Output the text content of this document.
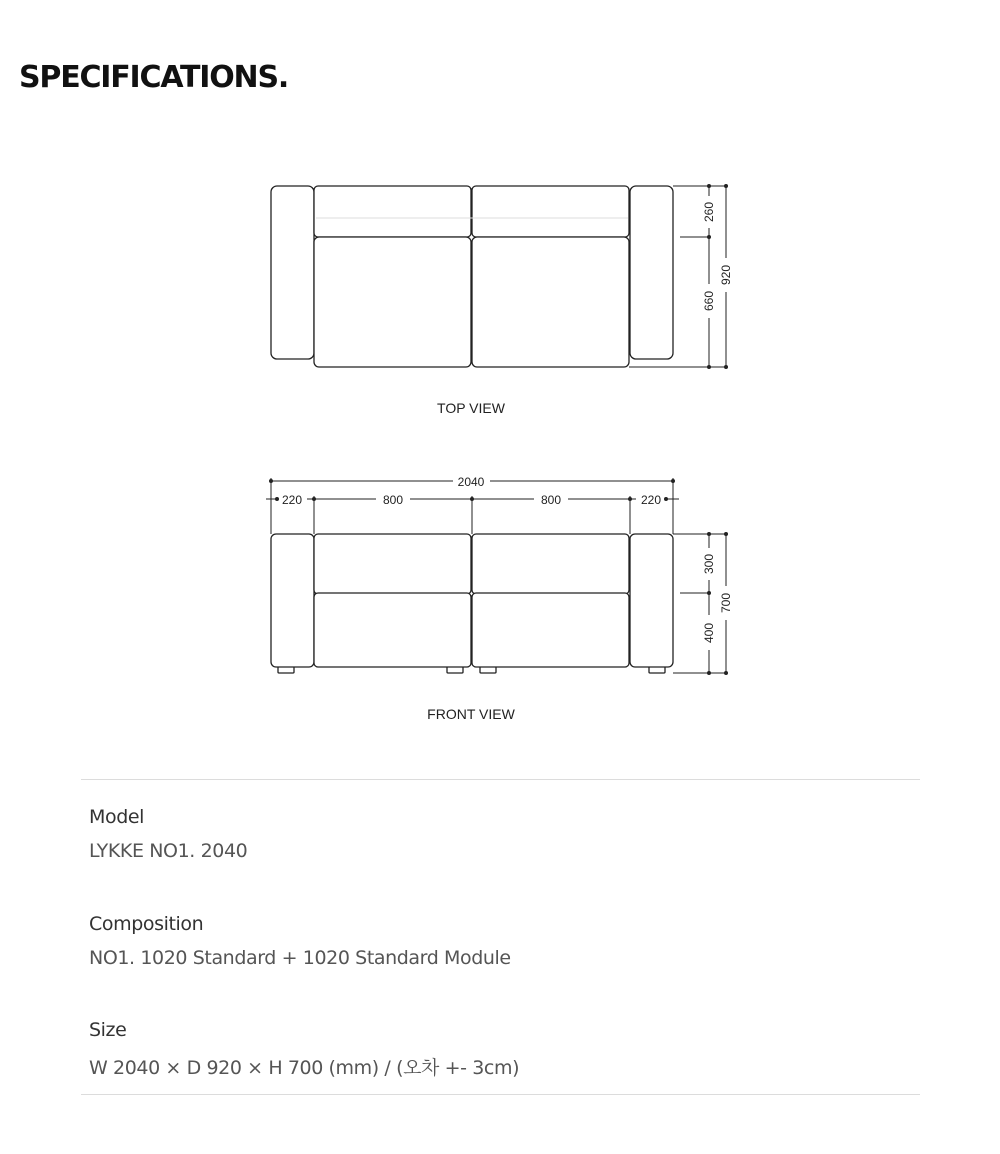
SPECIFICATIONS.
260
660
920
TOP VIEW
2040
220	800	800	220
300
400
700
FRONT VIEW
Model
LYKKE NO1. 2040
Composition
NO1. 1020 Standard + 1020 Standard Module
Size
W 2040 × D 920 × H 700 (mm) / (오차 +- 3cm)
